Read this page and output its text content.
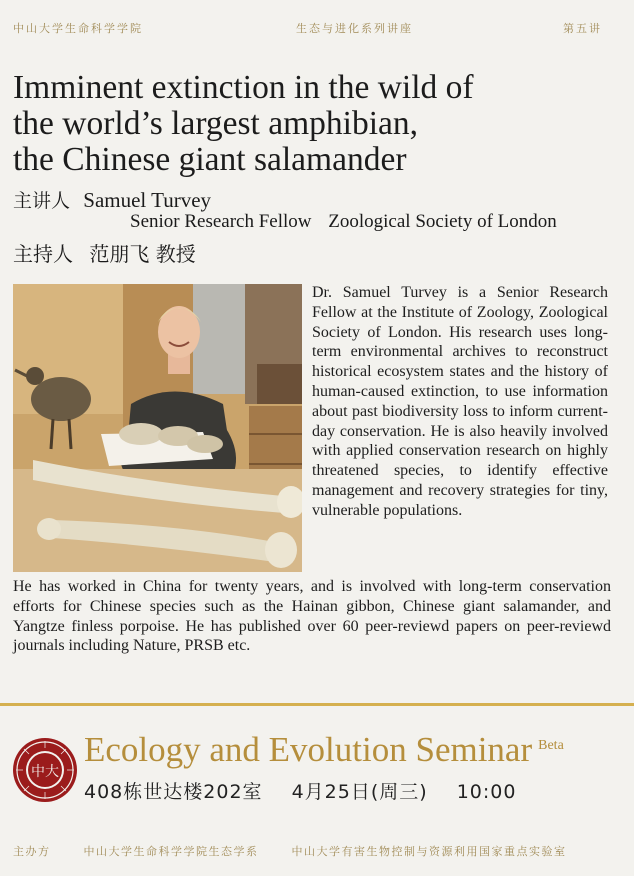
中山大学生命科学学院	生态与进化系列讲座	第五讲
Imminent extinction in the wild of
the world’s largest amphibian,
the Chinese giant salamander
主讲人 Samuel Turvey
Senior Research Fellow Zoological Society of London
主持人 范朋飞 教授

Dr. Samuel Turvey is a Senior Research Fellow at the Institute of Zoology, Zoological Society of London. His research uses long-term environmental archives to reconstruct historical ecosystem states and the history of human-caused extinction, to use information about past biodiversity loss to inform current-day conservation. He is also heavily involved with applied conservation research on highly threatened species, to identify effective management and recovery strategies for tiny, vulnerable populations.

He has worked in China for twenty years, and is involved with long-term conservation efforts for Chinese species such as the Hainan gibbon, Chinese giant salamander, and Yangtze finless porpoise. He has published over 60 peer-reviewd papers on peer-reviewd journals including Nature, PRSB etc.

中大
Ecology and Evolution Seminar $^{Beta}$
408栋世达楼202室 4月25日(周三) 10:00
主办方	中山大学生命科学学院生态学系	中山大学有害生物控制与资源利用国家重点实验室
